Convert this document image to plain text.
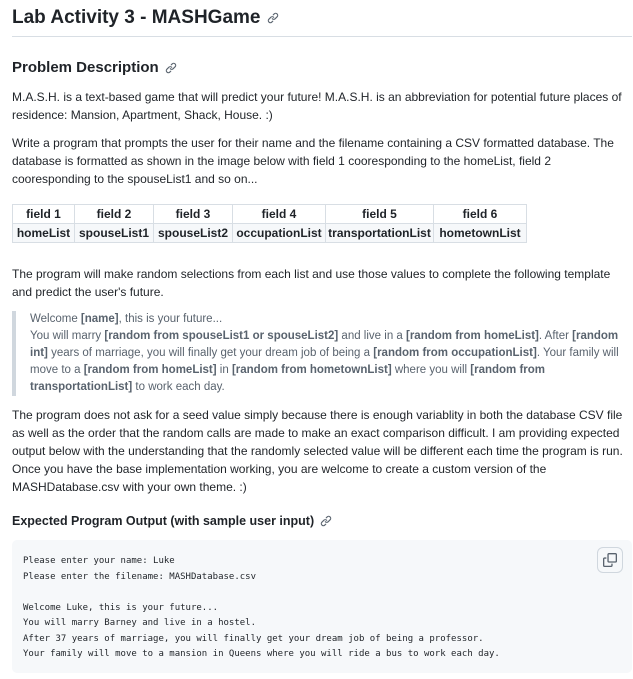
Lab Activity 3 - MASHGame
Problem Description

M.A.S.H. is a text-based game that will predict your future! M.A.S.H. is an abbreviation for potential future places of residence: Mansion, Apartment, Shack, House. :)

Write a program that prompts the user for their name and the filename containing a CSV formatted database. The database is formatted as shown in the image below with field 1 cooresponding to the homeList, field 2 cooresponding to the spouseList1 and so on...

field 1	field 2	field 3	field 4	field 5	field 6
homeList	spouseList1	spouseList2	occupationList	transportationList	hometownList

The program will make random selections from each list and use those values to complete the following template and predict the user's future.

Welcome [name], this is your future...
You will marry [random from spouseList1 or spouseList2] and live in a [random from homeList]. After [random int] years of marriage, you will finally get your dream job of being a [random from occupationList]. Your family will move to a [random from homeList] in [random from hometownList] where you will [random from transportationList] to work each day.

The program does not ask for a seed value simply because there is enough variablity in both the database CSV file as well as the order that the random calls are made to make an exact comparison difficult. I am providing expected output below with the understanding that the randomly selected value will be different each time the program is run. Once you have the base implementation working, you are welcome to create a custom version of the MASHDatabase.csv with your own theme. :)

Expected Program Output (with sample user input)
Please enter your name: Luke
Please enter the filename: MASHDatabase.csv
Welcome Luke, this is your future...
You will marry Barney and live in a hostel.
After 37 years of marriage, you will finally get your dream job of being a professor.
Your family will move to a mansion in Queens where you will ride a bus to work each day.
